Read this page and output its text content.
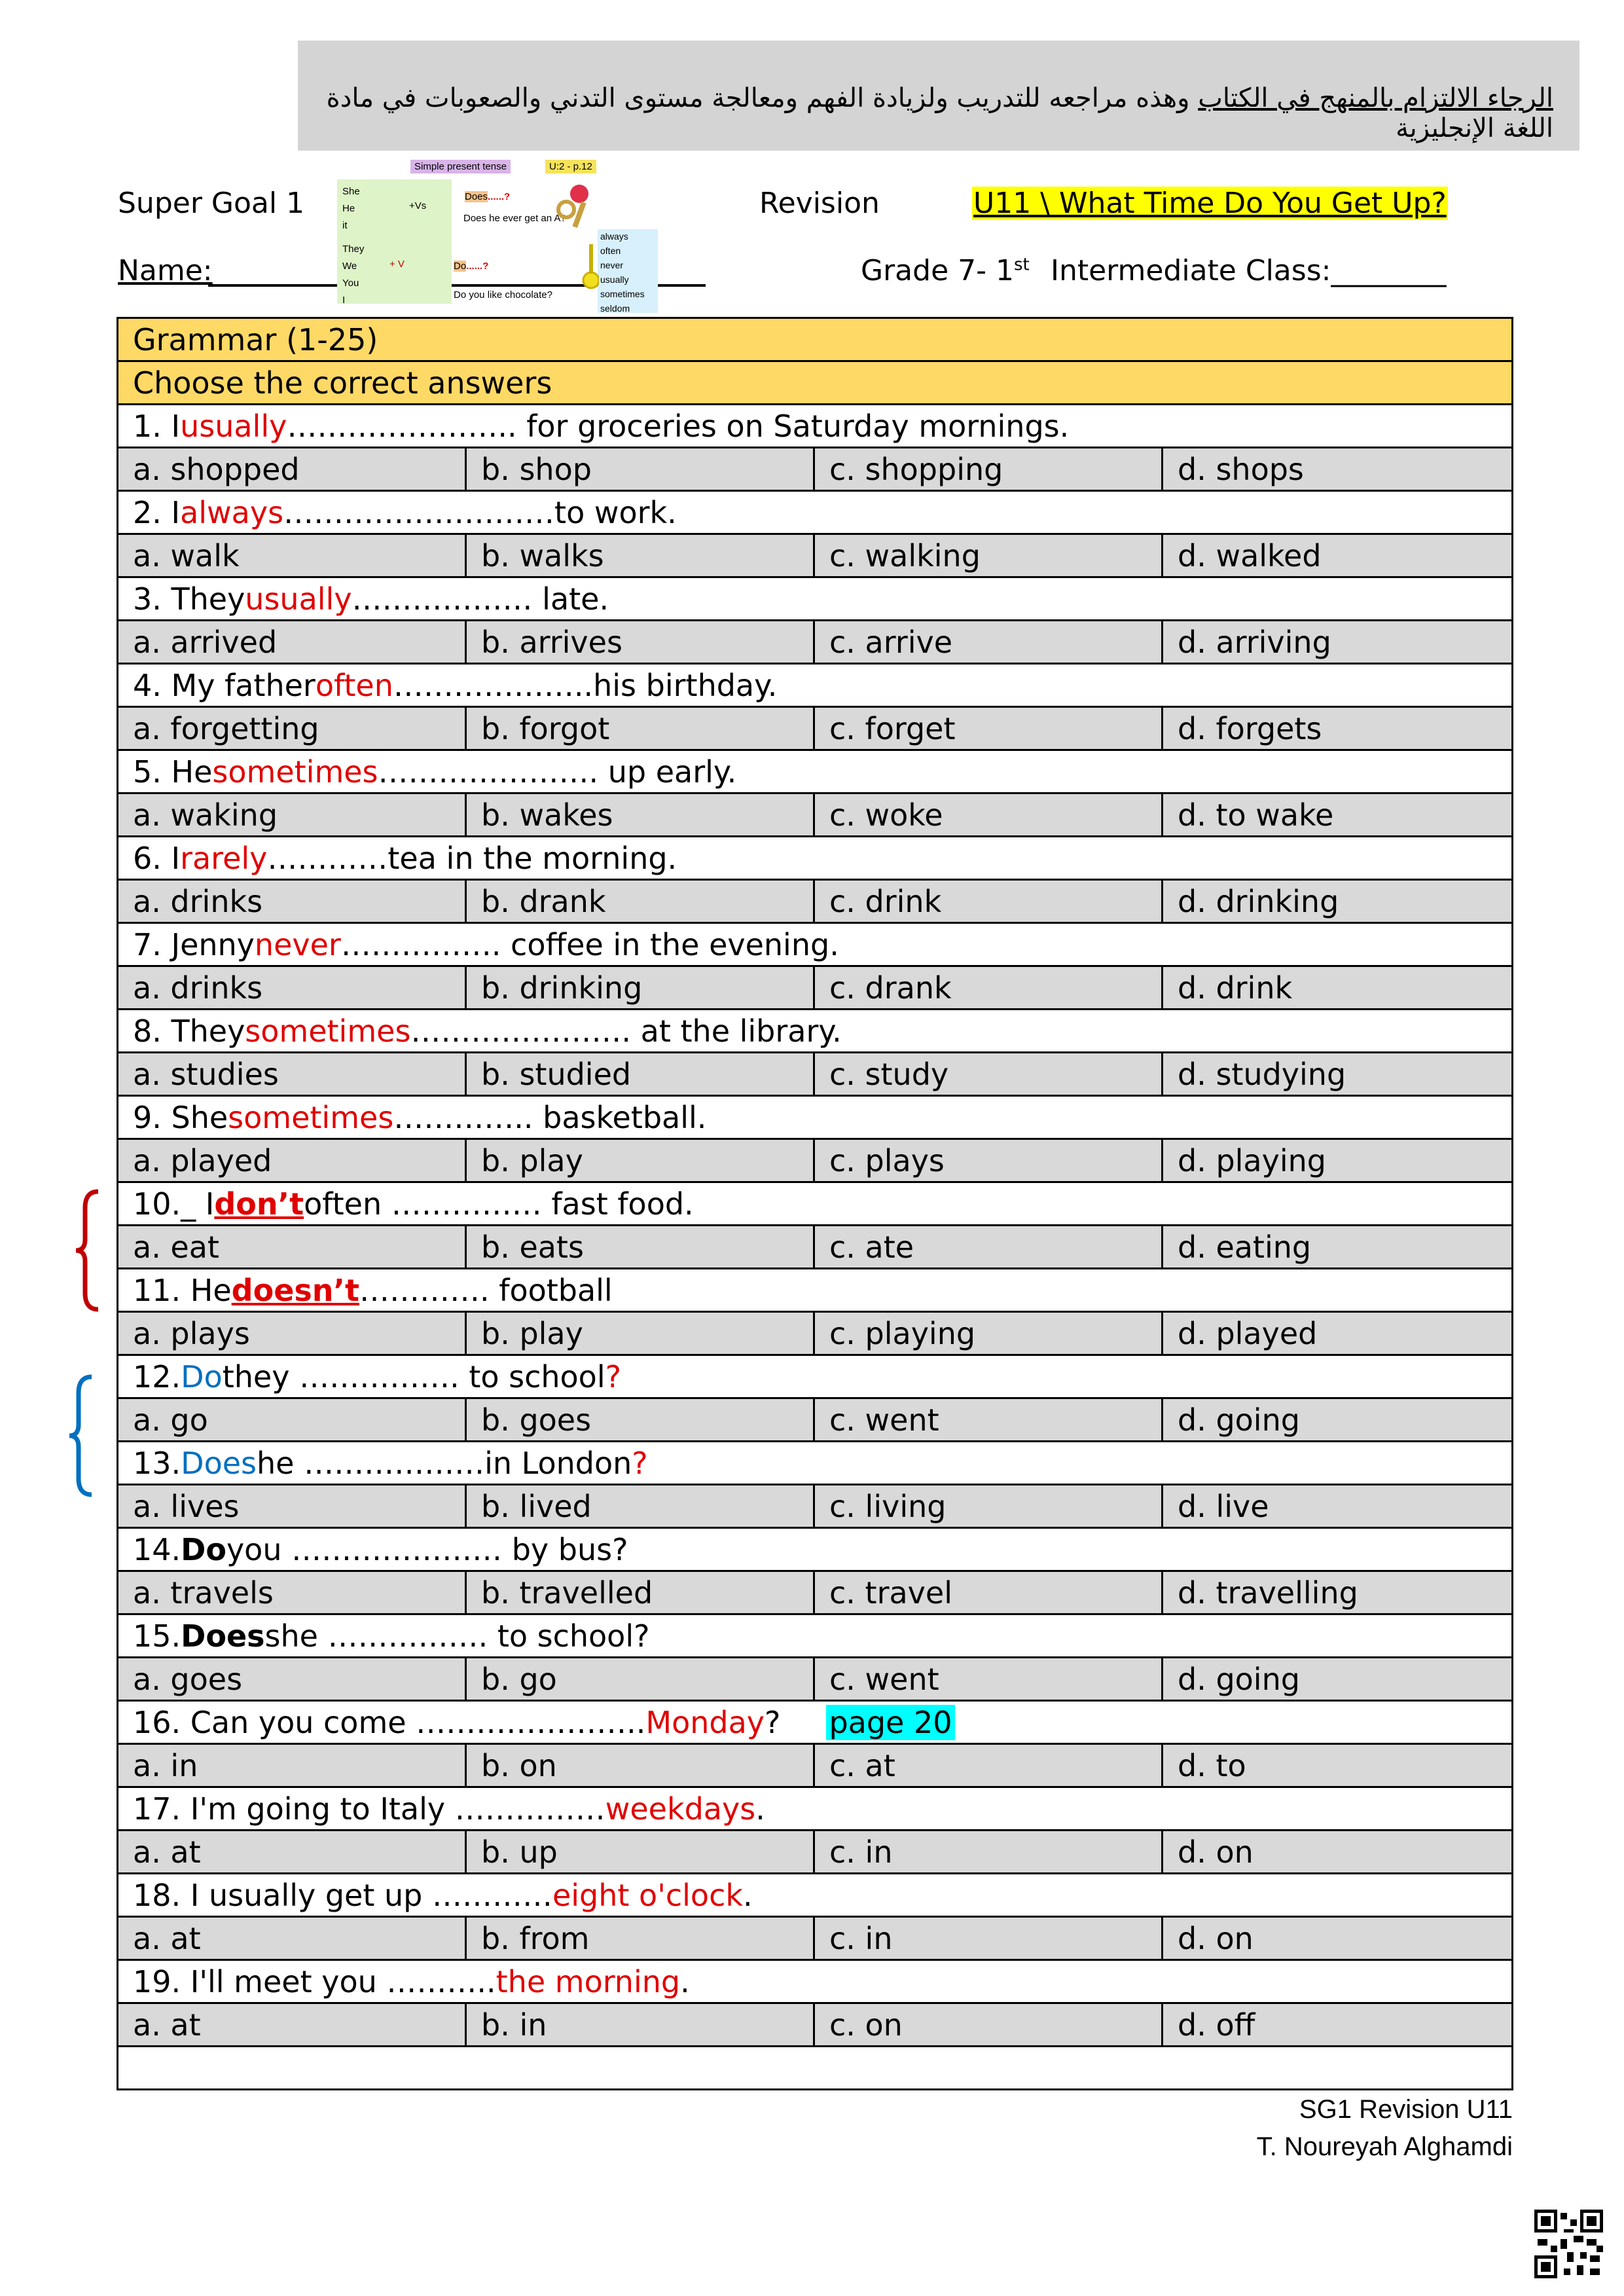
الرجاء الالتزام بالمنهج في الكتاب وهذه مراجعه للتدريب ولزيادة الفهم ومعالجة مستوى التدني والصعوبات في مادة اللغة الإنجليزية
Super Goal 1	Revision	U11 \ What Time Do You Get Up?
Name:	Grade 7- 1st Intermediate Class:________
Simple present tense	U:2 - p.12
She
He
it
+Vs
Does......?
Does he ever get an A?
They
We
You
I
+ V	Do......?
Do you like chocolate?
always
often
never
usually
sometimes
seldom
Grammar (1-25)
Choose the correct answers
1. I usually ………………….. for groceries on Saturday mornings.
a. shopped	b. shop	c. shopping	d. shops
2. I always ………………………to work.
a. walk	b. walks	c. walking	d. walked
3. They usually ……………… late.
a. arrived	b. arrives	c. arrive	d. arriving
4. My father often ………………..his birthday.
a. forgetting	b. forgot	c. forget	d. forgets
5. He sometimes …………………. up early.
a. waking	b. wakes	c. woke	d. to wake
6. I rarely …………tea in the morning.
a. drinks	b. drank	c. drink	d. drinking
7. Jenny never ……………. coffee in the evening.
a. drinks	b. drinking	c. drank	d. drink
8. They sometimes …………………. at the library.
a. studies	b. studied	c. study	d. studying
9. She sometimes ………….. basketball.
a. played	b. play	c. plays	d. playing
10._ I don’t often …………… fast food.
a. eat	b. eats	c. ate	d. eating
11. He doesn’t …………. football
a. plays	b. play	c. playing	d. played
12. Do they ……………. to school ?
a. go	b. goes	c. went	d. going
13. Does he ………………in London ?
a. lives	b. lived	c. living	d. live
14. Do you ………………… by bus?
a. travels	b. travelled	c. travel	d. travelling
15. Does she ……………. to school?
a. goes	b. go	c. went	d. going
16. Can you come ………………….. Monday ? page 20
a. in	b. on	c. at	d. to
17. I'm going to Italy …………… weekdays .
a. at	b. up	c. in	d. on
18. I usually get up ………… eight o'clock .
a. at	b. from	c. in	d. on
19. I'll meet you ……….. the morning .
a. at	b. in	c. on	d. off
SG1 Revision U11
T. Noureyah Alghamdi
